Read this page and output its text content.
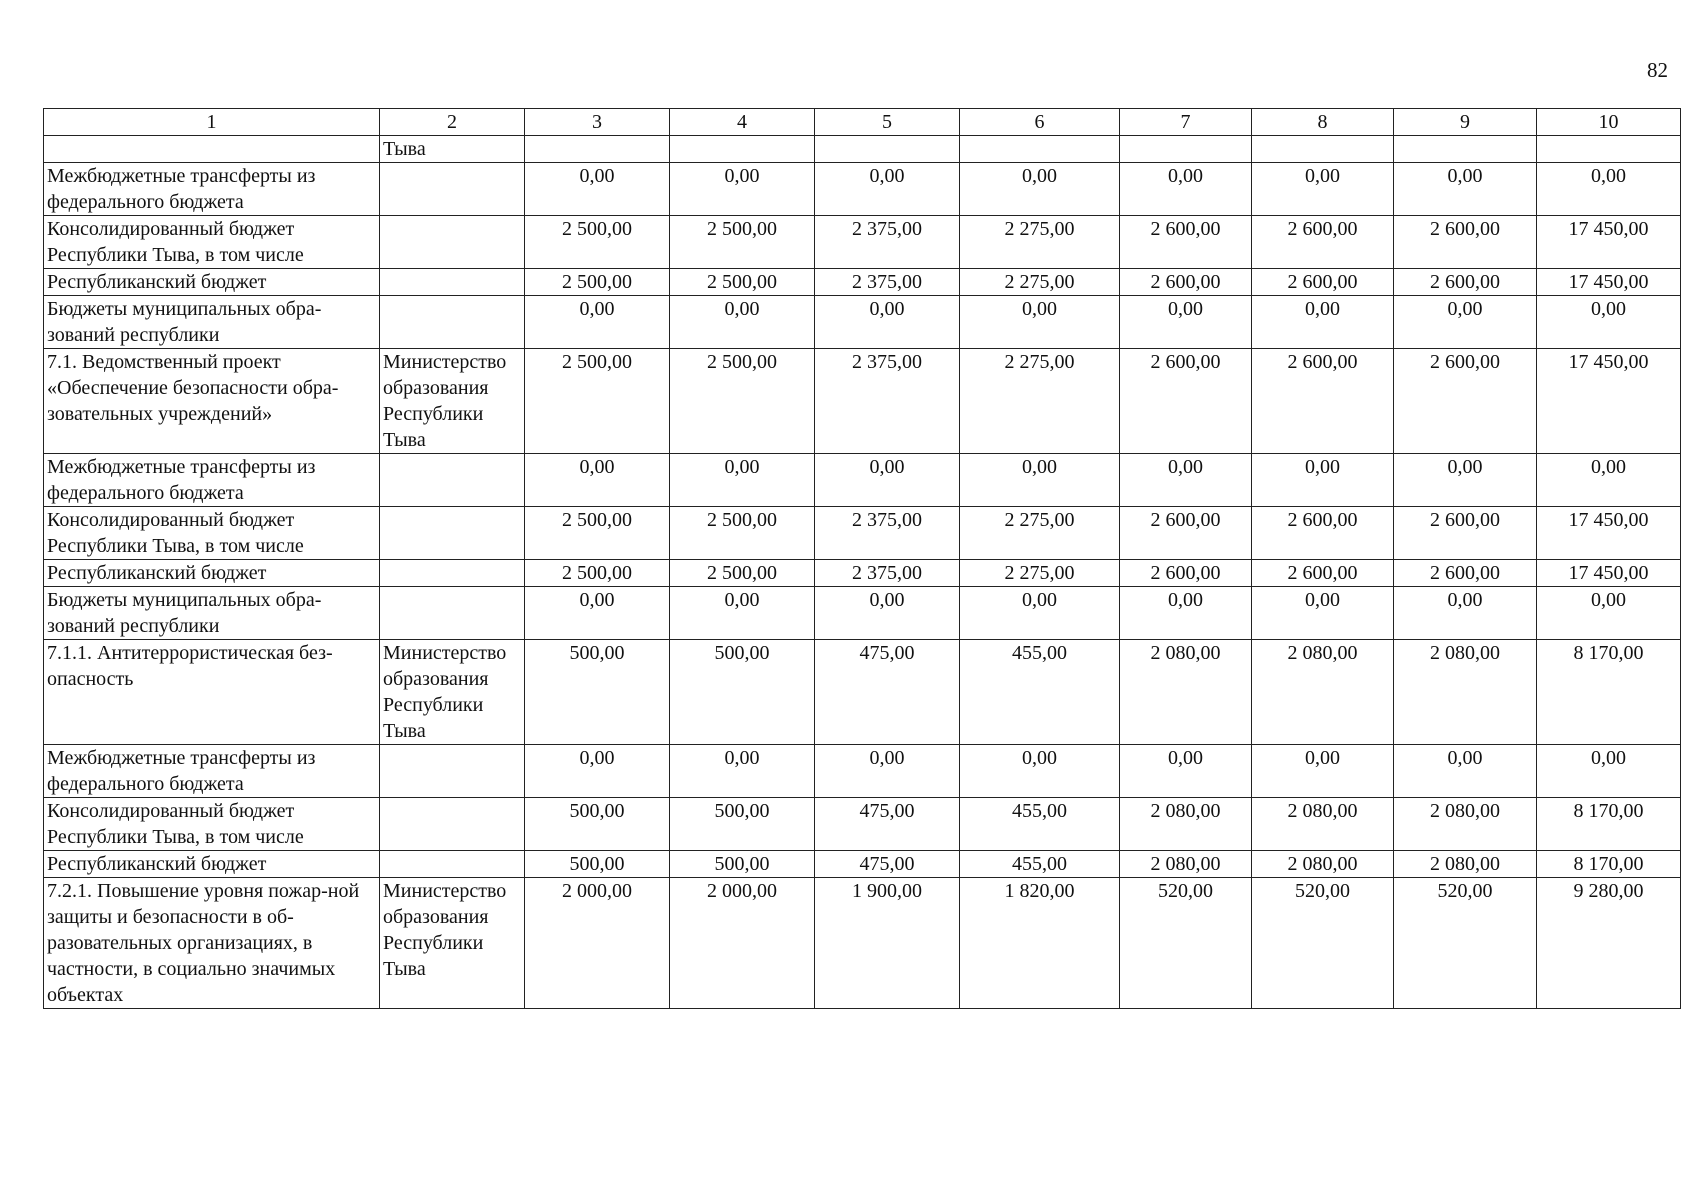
82
1	2	3	4	5	6	7	8	9	10
	Тыва								
Межбюджетные трансферты из федерального бюджета		0,00	0,00	0,00	0,00	0,00	0,00	0,00	0,00
Консолидированный бюджет Республики Тыва, в том числе		2 500,00	2 500,00	2 375,00	2 275,00	2 600,00	2 600,00	2 600,00	17 450,00
Республиканский бюджет		2 500,00	2 500,00	2 375,00	2 275,00	2 600,00	2 600,00	2 600,00	17 450,00
Бюджеты муниципальных обра-зований республики		0,00	0,00	0,00	0,00	0,00	0,00	0,00	0,00
7.1. Ведомственный проект «Обеспечение безопасности обра-зовательных учреждений»	Министерство образования Республики Тыва	2 500,00	2 500,00	2 375,00	2 275,00	2 600,00	2 600,00	2 600,00	17 450,00
Межбюджетные трансферты из федерального бюджета		0,00	0,00	0,00	0,00	0,00	0,00	0,00	0,00
Консолидированный бюджет Республики Тыва, в том числе		2 500,00	2 500,00	2 375,00	2 275,00	2 600,00	2 600,00	2 600,00	17 450,00
Республиканский бюджет		2 500,00	2 500,00	2 375,00	2 275,00	2 600,00	2 600,00	2 600,00	17 450,00
Бюджеты муниципальных обра-зований республики		0,00	0,00	0,00	0,00	0,00	0,00	0,00	0,00
7.1.1. Антитеррористическая без-опасность	Министерство образования Республики Тыва	500,00	500,00	475,00	455,00	2 080,00	2 080,00	2 080,00	8 170,00
Межбюджетные трансферты из федерального бюджета		0,00	0,00	0,00	0,00	0,00	0,00	0,00	0,00
Консолидированный бюджет Республики Тыва, в том числе		500,00	500,00	475,00	455,00	2 080,00	2 080,00	2 080,00	8 170,00
Республиканский бюджет		500,00	500,00	475,00	455,00	2 080,00	2 080,00	2 080,00	8 170,00
7.2.1. Повышение уровня пожар-ной защиты и безопасности в об-разовательных организациях, в частности, в социально значимых объектах	Министерство образования Республики Тыва	2 000,00	2 000,00	1 900,00	1 820,00	520,00	520,00	520,00	9 280,00
